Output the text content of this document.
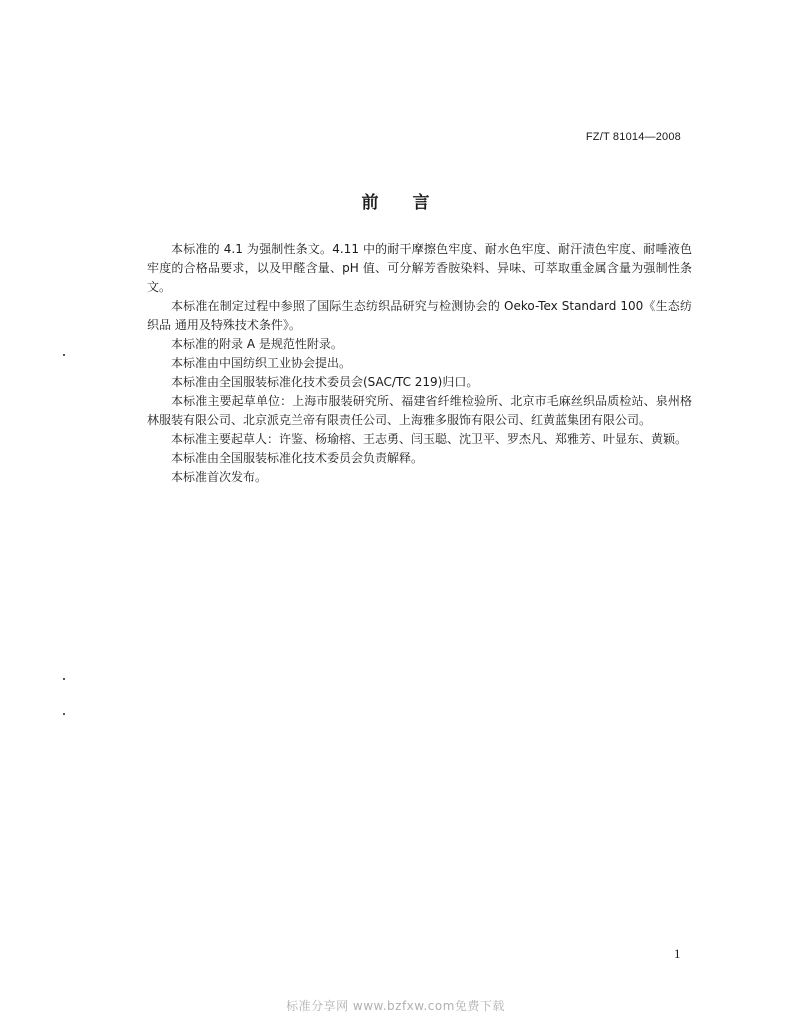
FZ/T 81014—2008
前言

本标准的 4.1 为强制性条文。4.11 中的耐干摩擦色牢度、耐水色牢度、耐汗渍色牢度、耐唾液色牢度的合格品要求，以及甲醛含量、pH 值、可分解芳香胺染料、异味、可萃取重金属含量为强制性条文。

本标准在制定过程中参照了国际生态纺织品研究与检测协会的 Oeko-Tex Standard 100《生态纺织品 通用及特殊技术条件》。

本标准的附录 A 是规范性附录。

本标准由中国纺织工业协会提出。

本标准由全国服装标准化技术委员会(SAC/TC 219)归口。

本标准主要起草单位：上海市服装研究所、福建省纤维检验所、北京市毛麻丝织品质检站、泉州格林服装有限公司、北京派克兰帝有限责任公司、上海雅多服饰有限公司、红黄蓝集团有限公司。

本标准主要起草人：许鉴、杨瑜榕、王志勇、闫玉聪、沈卫平、罗杰凡、郑雅芳、叶显东、黄颖。

本标准由全国服装标准化技术委员会负责解释。

本标准首次发布。

1
标准分享网 www.bzfxw.com免费下载
